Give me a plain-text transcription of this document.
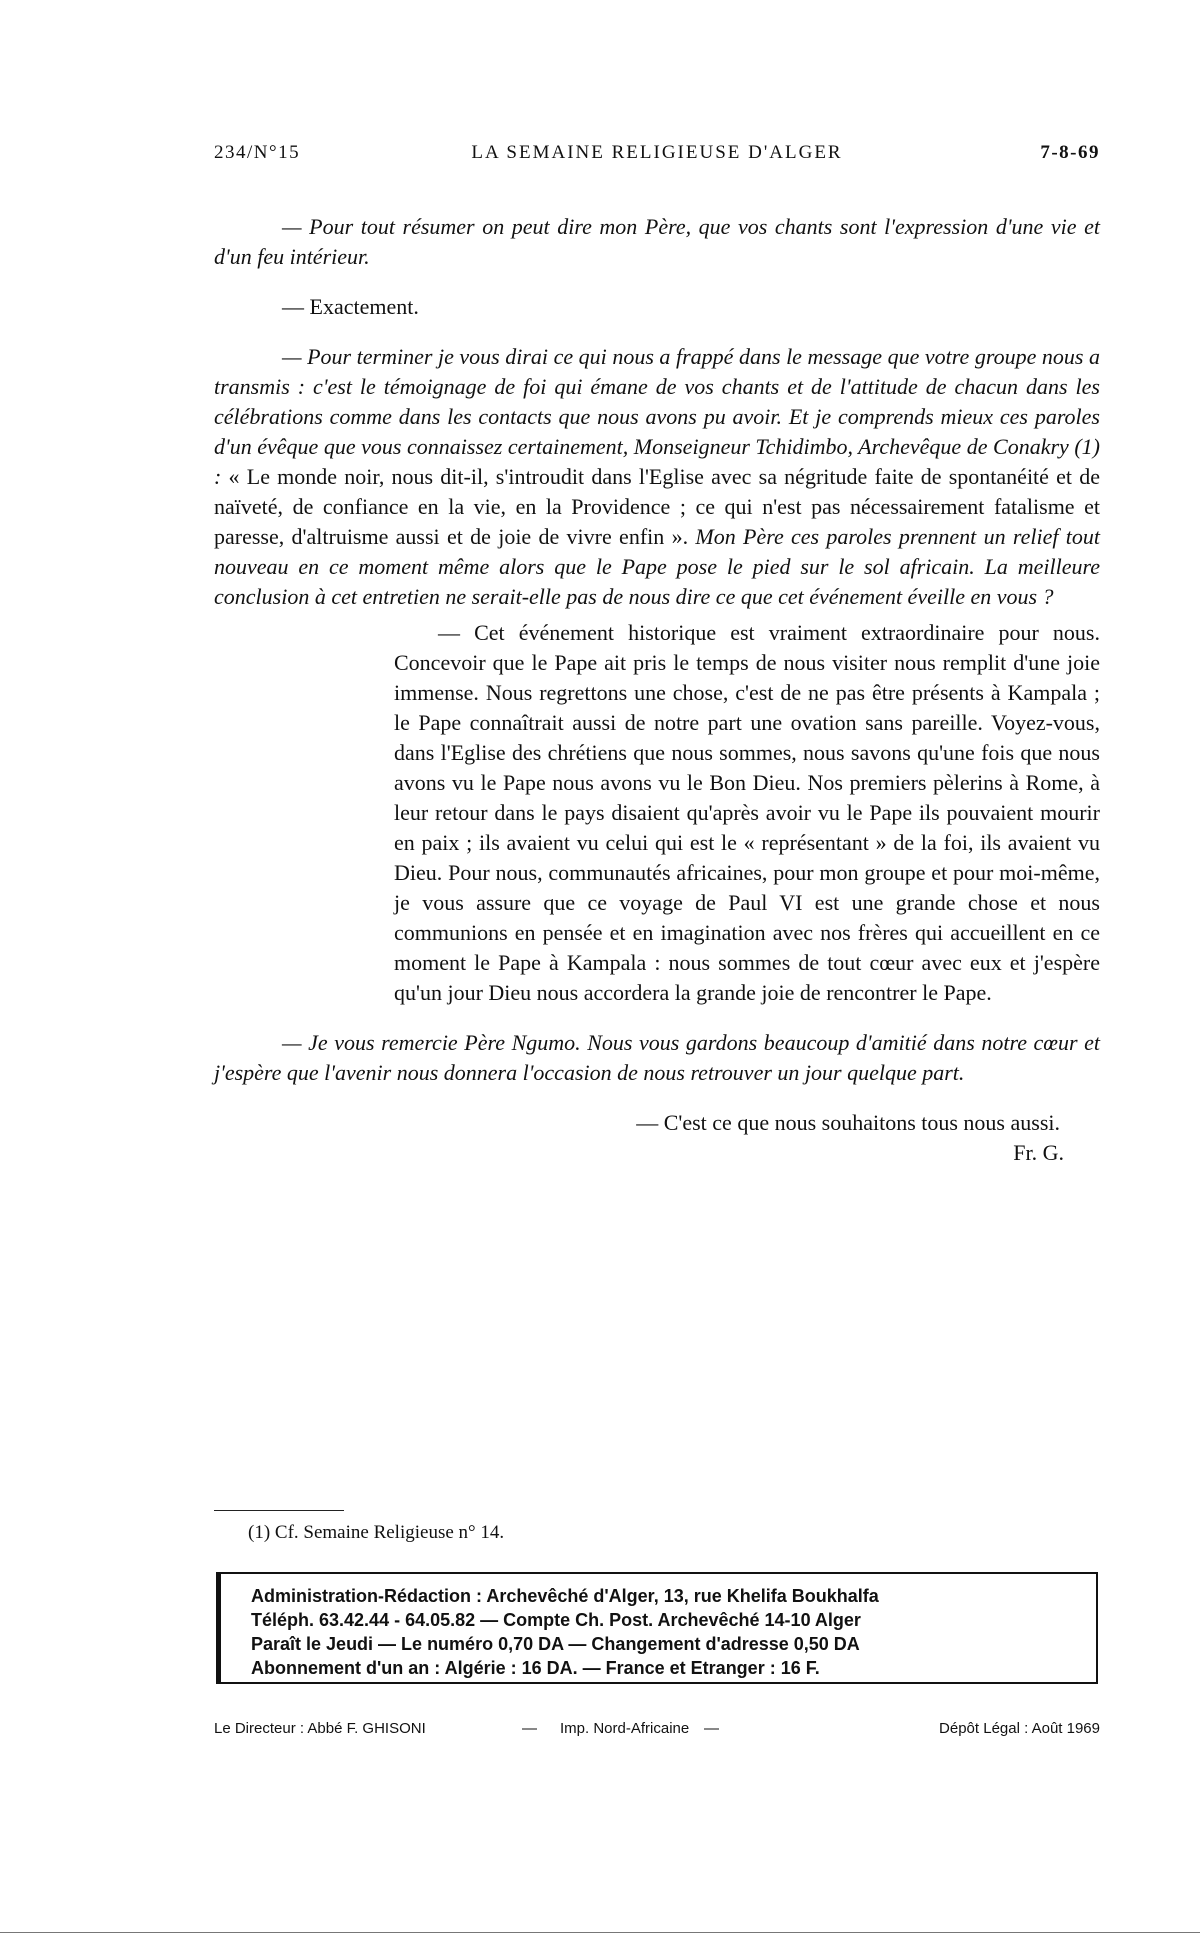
234/N°15	LA SEMAINE RELIGIEUSE D'ALGER	7-8-69

— Pour tout résumer on peut dire mon Père, que vos chants sont l'expression d'une vie et d'un feu intérieur.

— Exactement.

— Pour terminer je vous dirai ce qui nous a frappé dans le message que votre groupe nous a transmis : c'est le témoignage de foi qui émane de vos chants et de l'attitude de chacun dans les célébrations comme dans les contacts que nous avons pu avoir. Et je comprends mieux ces paroles d'un évêque que vous connaissez certainement, Monseigneur Tchidimbo, Archevêque de Conakry (1) : « Le monde noir, nous dit-il, s'introudit dans l'Eglise avec sa négritude faite de spontanéité et de naïveté, de confiance en la vie, en la Providence ; ce qui n'est pas nécessairement fatalisme et paresse, d'altruisme aussi et de joie de vivre enfin ». Mon Père ces paroles prennent un relief tout nouveau en ce moment même alors que le Pape pose le pied sur le sol africain. La meilleure conclusion à cet entretien ne serait-elle pas de nous dire ce que cet événement éveille en vous ?

— Cet événement historique est vraiment extraordinaire pour nous. Concevoir que le Pape ait pris le temps de nous visiter nous remplit d'une joie immense. Nous regrettons une chose, c'est de ne pas être présents à Kampala ; le Pape connaîtrait aussi de notre part une ovation sans pareille. Voyez-vous, dans l'Eglise des chrétiens que nous sommes, nous savons qu'une fois que nous avons vu le Pape nous avons vu le Bon Dieu. Nos premiers pèlerins à Rome, à leur retour dans le pays disaient qu'après avoir vu le Pape ils pouvaient mourir en paix ; ils avaient vu celui qui est le « représentant » de la foi, ils avaient vu Dieu. Pour nous, communautés africaines, pour mon groupe et pour moi-même, je vous assure que ce voyage de Paul VI est une grande chose et nous communions en pensée et en imagination avec nos frères qui accueillent en ce moment le Pape à Kampala : nous sommes de tout cœur avec eux et j'espère qu'un jour Dieu nous accordera la grande joie de rencontrer le Pape.

— Je vous remercie Père Ngumo. Nous vous gardons beaucoup d'amitié dans notre cœur et j'espère que l'avenir nous donnera l'occasion de nous retrouver un jour quelque part.

— C'est ce que nous souhaitons tous nous aussi.

Fr. G.

(1) Cf. Semaine Religieuse n° 14.
Administration-Rédaction : Archevêché d'Alger, 13, rue Khelifa Boukhalfa
Téléph. 63.42.44 - 64.05.82 — Compte Ch. Post. Archevêché 14-10 Alger
Paraît le Jeudi — Le numéro 0,70 DA — Changement d'adresse 0,50 DA
Abonnement d'un an : Algérie : 16 DA. — France et Etranger : 16 F.
Le Directeur : Abbé F. GHISONI	— Imp. Nord-Africaine —	Dépôt Légal : Août 1969
